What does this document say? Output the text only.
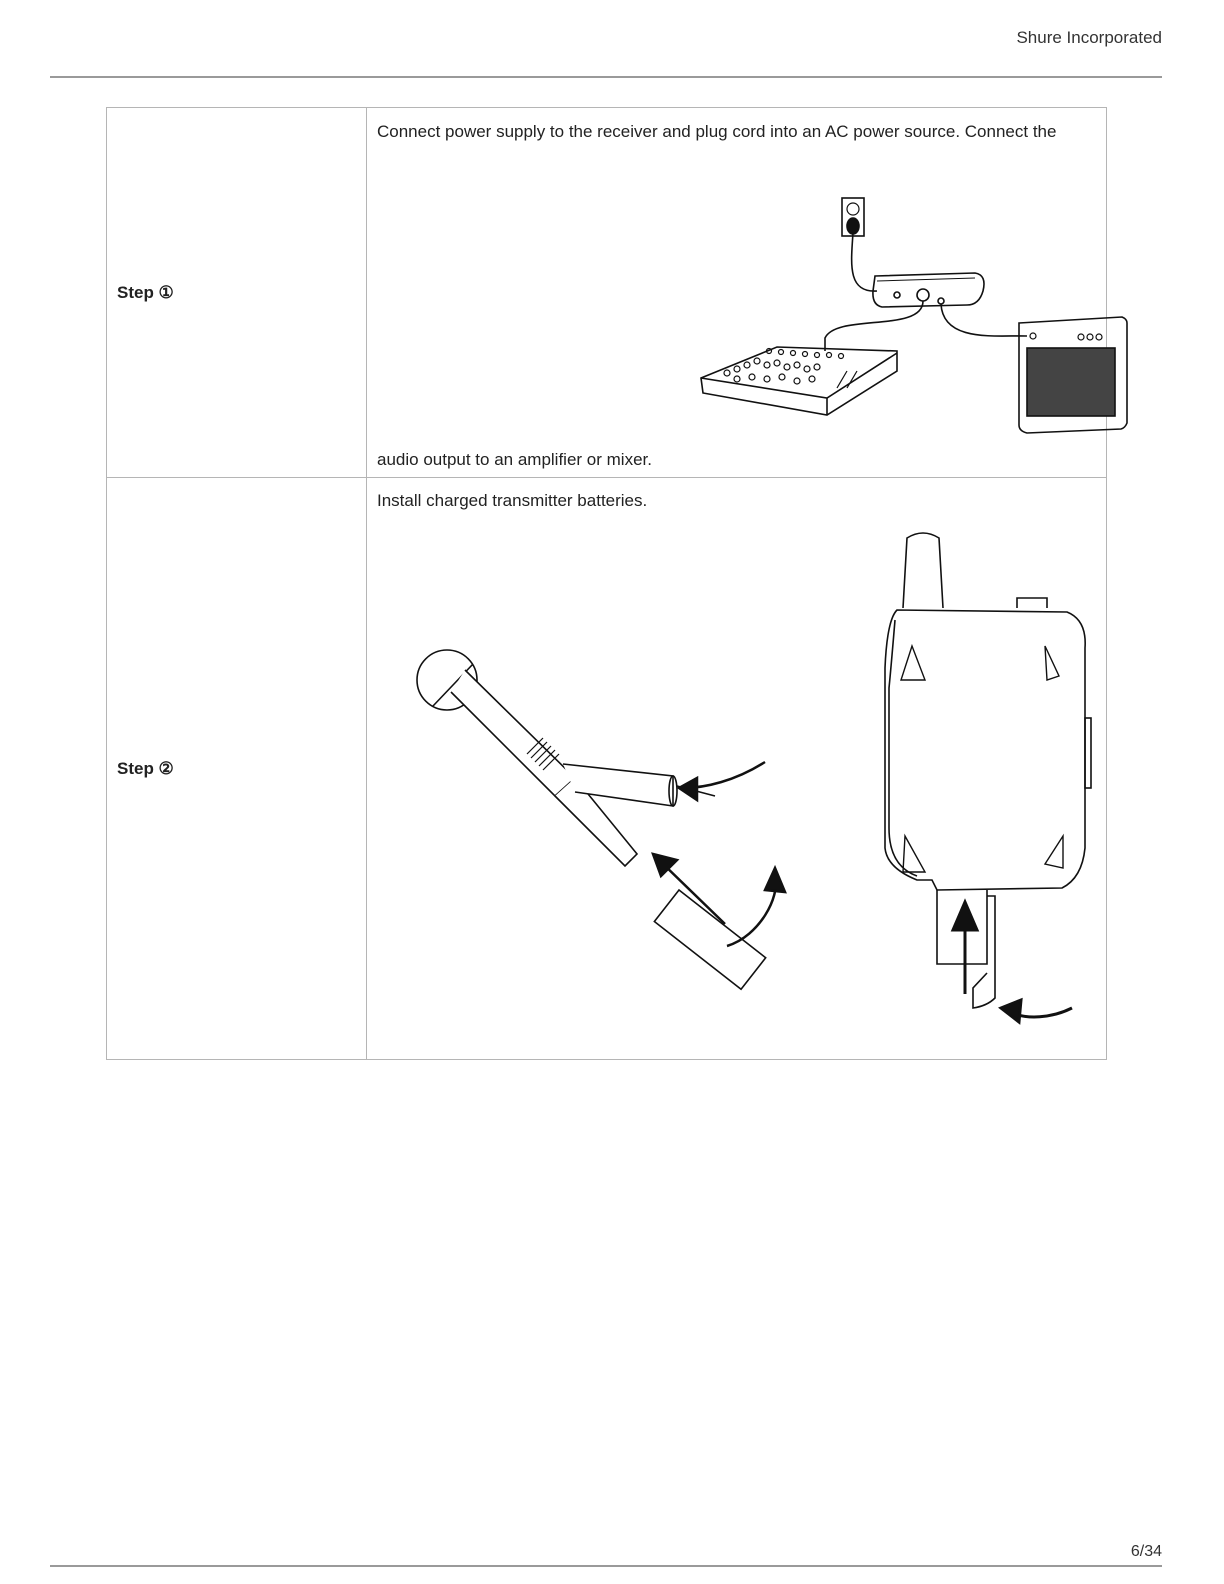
Shure Incorporated
Step ①	Connect power supply to the receiver and plug cord into an AC power source. Connect the
audio output to an amplifier or mixer.

Step ②	Install charged transmitter batteries.
6/34
